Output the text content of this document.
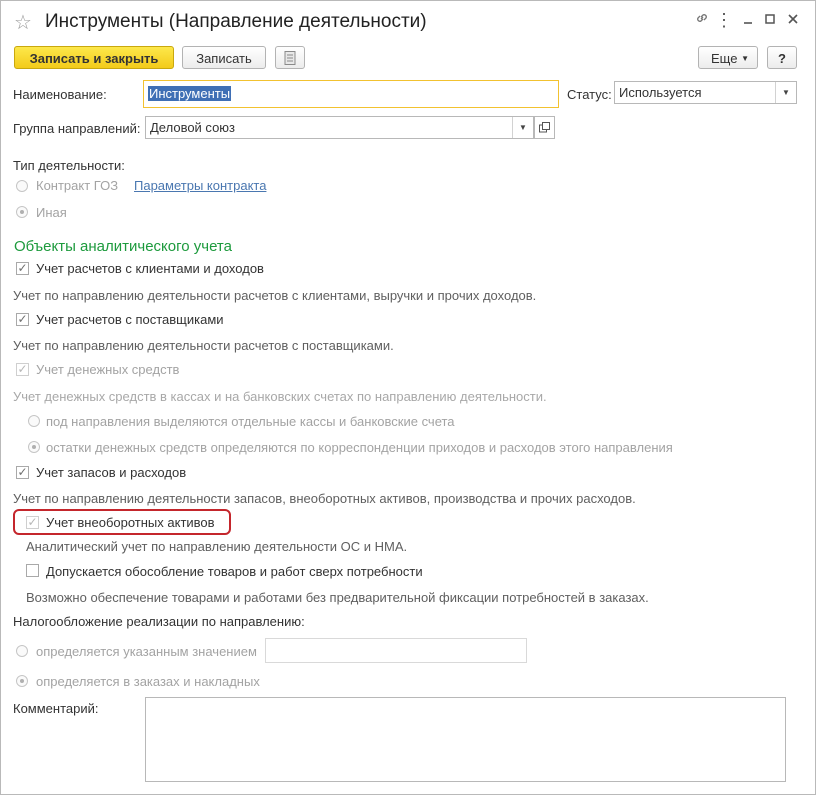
☆ Инструменты (Направление деятельности)	⋮
Записать и закрыть	Записать	Еще ▼	?
Наименование:	Инструменты	Статус: Используется	▼
Группа направлений: Деловой союз	▼
Тип деятельности:
Контракт ГОЗ Параметры контракта
Иная
Объекты аналитического учета
✓ Учет расчетов с клиентами и доходов
Учет по направлению деятельности расчетов с клиентами, выручки и прочих доходов.
✓ Учет расчетов с поставщиками
Учет по направлению деятельности расчетов с поставщиками.
✓ Учет денежных средств
Учет денежных средств в кассах и на банковских счетах по направлению деятельности.
под направления выделяются отдельные кассы и банковские счета
остатки денежных средств определяются по корреспонденции приходов и расходов этого направления
✓ Учет запасов и расходов
Учет по направлению деятельности запасов, внеоборотных активов, производства и прочих расходов.
✓ Учет внеоборотных активов
Аналитический учет по направлению деятельности ОС и НМА.
Допускается обособление товаров и работ сверх потребности
Возможно обеспечение товарами и работами без предварительной фиксации потребностей в заказах.
Налогообложение реализации по направлению:
определяется указанным значением
определяется в заказах и накладных
Комментарий:
